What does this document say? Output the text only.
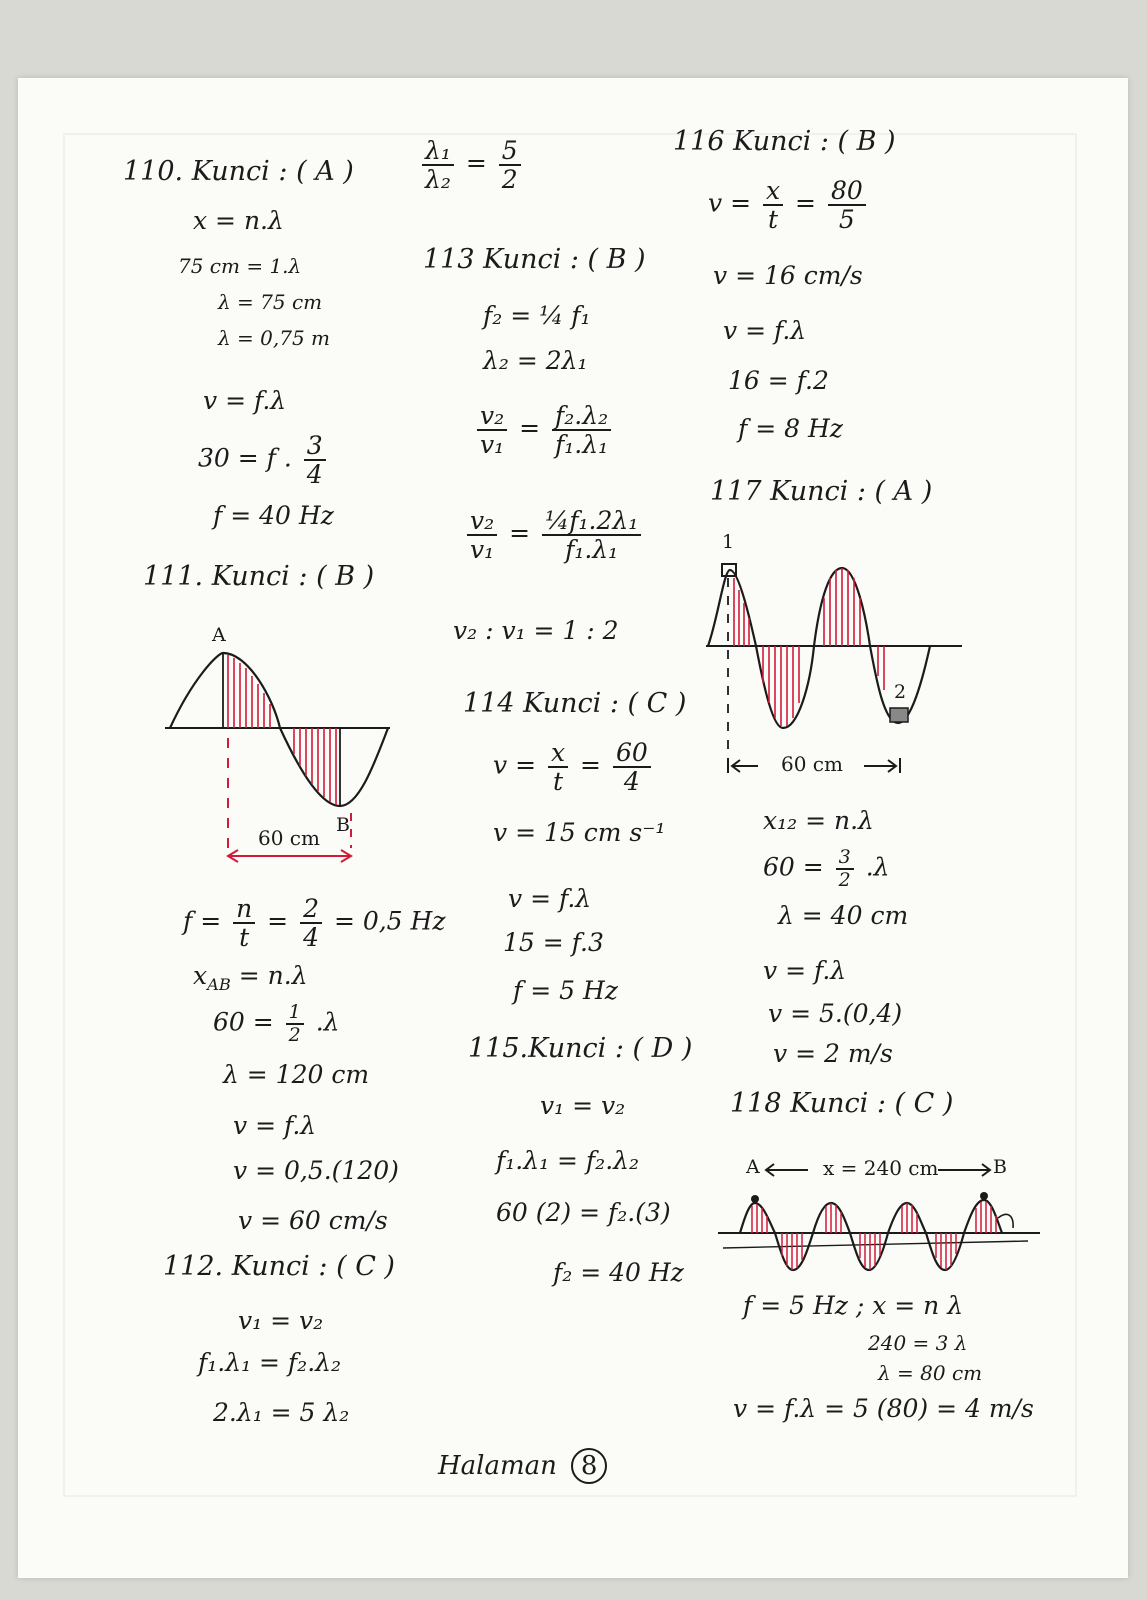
110. Kunci : ( A )
x = n.λ
75 cm = 1.λ
λ = 75 cm
λ = 0,75 m
v = f.λ
30 = f . $\frac{3}{4}$
f = 40 Hz
111. Kunci : ( B )
A
B
60 cm
$f = \frac{n}{t} = \frac{2}{4} = 0,5$ Hz
$x_{AB} = n.\lambda$
$60 = \frac{1}{2} .\lambda$
λ = 120 cm
v = f.λ
v = 0,5.(120)
v = 60 cm/s
112. Kunci : ( C )
v₁ = v₂
f₁.λ₁ = f₂.λ₂
2.λ₁ = 5 λ₂
$\frac{\text{λ₁}}{\text{λ₂}} = \frac{5}{2}$
113 Kunci : ( B )
f₂ = ¼ f₁
λ₂ = 2λ₁
$\frac{\text{v₂}}{\text{v₁}} = \frac{\text{f₂.λ₂}}{\text{f₁.λ₁}}$
$\frac{\text{v₂}}{\text{v₁}} = \frac{\text{¼f₁.2λ₁}}{\text{f₁.λ₁}}$
v₂ : v₁ = 1 : 2
114 Kunci : ( C )
$v = \frac{x}{t} = \frac{60}{4}$
v = 15 cm s⁻¹
v = f.λ
15 = f.3
f = 5 Hz
115.Kunci : ( D )
v₁ = v₂
f₁.λ₁ = f₂.λ₂
60 (2) = f₂.(3)
f₂ = 40 Hz
116 Kunci : ( B )
$v = \frac{x}{t} = \frac{80}{5}$
v = 16 cm/s
v = f.λ
16 = f.2
f = 8 Hz
117 Kunci : ( A )
1
2
60 cm
x₁₂ = n.λ
$60 = \frac{3}{2} .\lambda$
λ = 40 cm
v = f.λ
v = 5.(0,4)
v = 2 m/s
118 Kunci : ( C )
A	B
x = 240 cm
f = 5 Hz ; x = n λ
240 = 3 λ
λ = 80 cm
v = f.λ = 5 (80) = 4 m/s
Halaman 8
